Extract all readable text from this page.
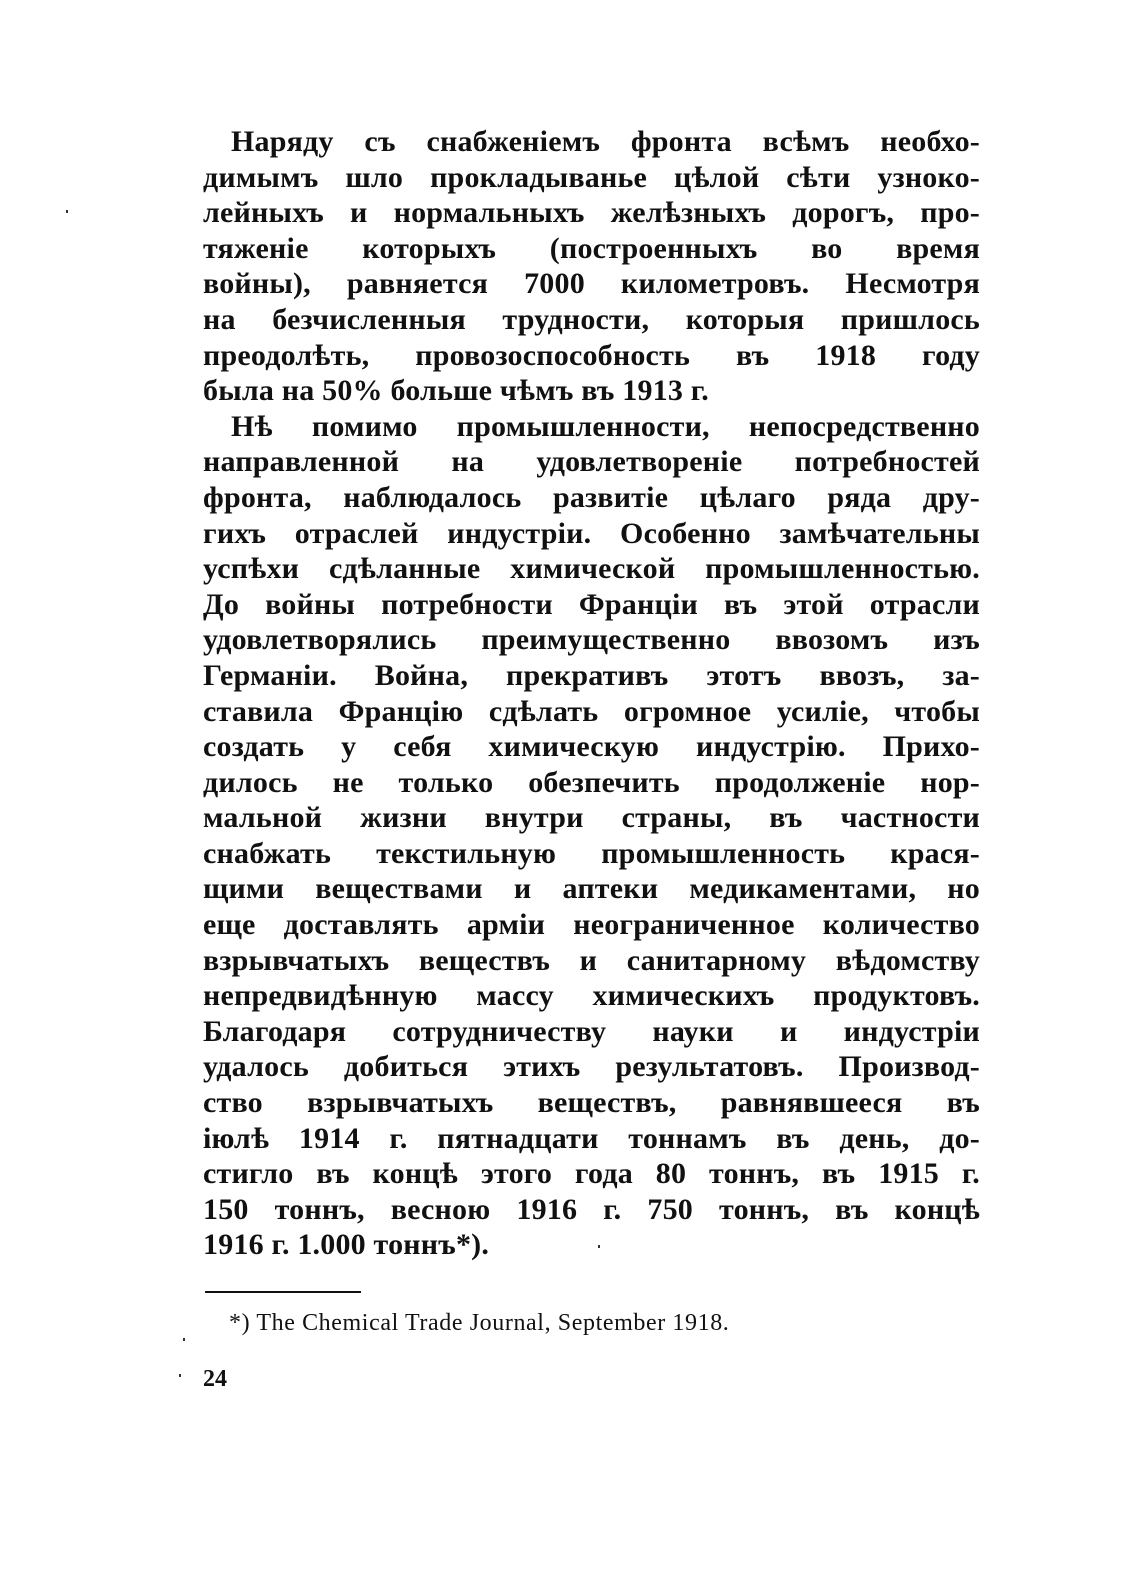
Наряду съ снабженіемъ фронта всѣмъ необхо-
димымъ шло прокладыванье цѣлой сѣти узноко-
лейныхъ и нормальныхъ желѣзныхъ дорогъ, про-
тяженіе которыхъ (построенныхъ во время
войны), равняется 7000 километровъ. Несмотря
на безчисленныя трудности, которыя пришлось
преодолѣть, провозоспособность въ 1918 году
была на 50% больше чѣмъ въ 1913 г.
Нѣ помимо промышленности, непосредственно
направленной на удовлетвореніе потребностей
фронта, наблюдалось развитіе цѣлаго ряда дру-
гихъ отраслей индустріи. Особенно замѣчательны
успѣхи сдѣланные химической промышленностью.
До войны потребности Франціи въ этой отрасли
удовлетворялись преимущественно ввозомъ изъ
Германіи. Война, прекративъ этотъ ввозъ, за-
ставила Францію сдѣлать огромное усиліе, чтобы
создать у себя химическую индустрію. Прихо-
дилось не только обезпечить продолженіе нор-
мальной жизни внутри страны, въ частности
снабжать текстильную промышленность крася-
щими веществами и аптеки медикаментами, но
еще доставлять арміи неограниченное количество
взрывчатыхъ веществъ и санитарному вѣдомству
непредвидѣнную массу химическихъ продуктовъ.
Благодаря сотрудничеству науки и индустріи
удалось добиться этихъ результатовъ. Производ-
ство взрывчатыхъ веществъ, равнявшееся въ
іюлѣ 1914 г. пятнадцати тоннамъ въ день, до-
стигло въ концѣ этого года 80 тоннъ, въ 1915 г.
150 тоннъ, весною 1916 г. 750 тоннъ, въ концѣ
1916 г. 1.000 тоннъ*).
*) The Chemical Trade Journal, September 1918.
24
